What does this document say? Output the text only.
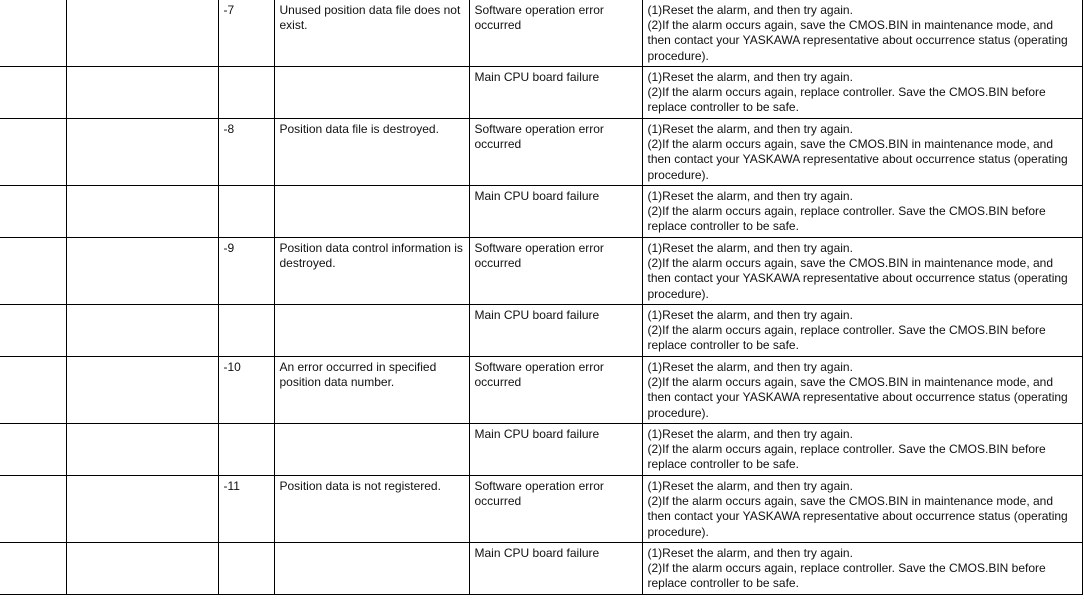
		-7	Unused position data file does not exist.	Software operation error occurred	(1)Reset the alarm, and then try again.
(2)If the alarm occurs again, save the CMOS.BIN in maintenance mode, and then contact your YASKAWA representative about occurrence status (operating procedure).
				Main CPU board failure	(1)Reset the alarm, and then try again.
(2)If the alarm occurs again, replace controller. Save the CMOS.BIN before replace controller to be safe.
		-8	Position data file is destroyed.	Software operation error occurred	(1)Reset the alarm, and then try again.
(2)If the alarm occurs again, save the CMOS.BIN in maintenance mode, and then contact your YASKAWA representative about occurrence status (operating procedure).
				Main CPU board failure	(1)Reset the alarm, and then try again.
(2)If the alarm occurs again, replace controller. Save the CMOS.BIN before replace controller to be safe.
		-9	Position data control information is destroyed.	Software operation error occurred	(1)Reset the alarm, and then try again.
(2)If the alarm occurs again, save the CMOS.BIN in maintenance mode, and then contact your YASKAWA representative about occurrence status (operating procedure).
				Main CPU board failure	(1)Reset the alarm, and then try again.
(2)If the alarm occurs again, replace controller. Save the CMOS.BIN before replace controller to be safe.
		-10	An error occurred in specified position data number.	Software operation error occurred	(1)Reset the alarm, and then try again.
(2)If the alarm occurs again, save the CMOS.BIN in maintenance mode, and then contact your YASKAWA representative about occurrence status (operating procedure).
				Main CPU board failure	(1)Reset the alarm, and then try again.
(2)If the alarm occurs again, replace controller. Save the CMOS.BIN before replace controller to be safe.
		-11	Position data is not registered.	Software operation error occurred	(1)Reset the alarm, and then try again.
(2)If the alarm occurs again, save the CMOS.BIN in maintenance mode, and then contact your YASKAWA representative about occurrence status (operating procedure).
				Main CPU board failure	(1)Reset the alarm, and then try again.
(2)If the alarm occurs again, replace controller. Save the CMOS.BIN before replace controller to be safe.
